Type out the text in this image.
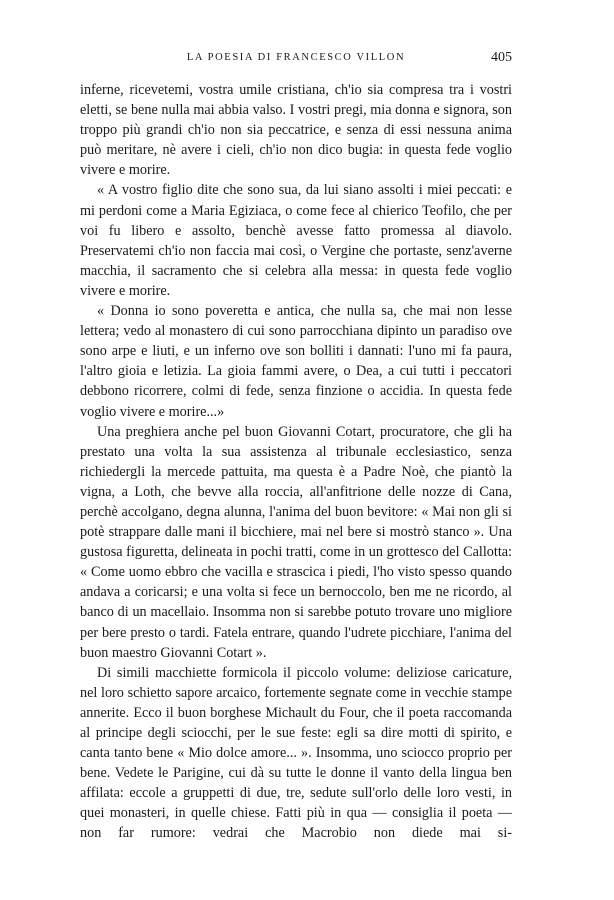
LA POESIA DI FRANCESCO VILLON	405

inferne, ricevetemi, vostra umile cristiana, ch'io sia compresa tra i vostri eletti, se bene nulla mai abbia valso. I vostri pregi, mia donna e signora, son troppo più grandi ch'io non sia peccatrice, e senza di essi nessuna anima può meritare, nè avere i cieli, ch'io non dico bugia: in questa fede voglio vivere e morire.

« A vostro figlio dite che sono sua, da lui siano assolti i miei peccati: e mi perdoni come a Maria Egiziaca, o come fece al chierico Teofilo, che per voi fu libero e assolto, benchè avesse fatto promessa al diavolo. Preservatemi ch'io non faccia mai così, o Vergine che portaste, senz'averne macchia, il sacramento che si celebra alla messa: in questa fede voglio vivere e morire.

« Donna io sono poveretta e antica, che nulla sa, che mai non lesse lettera; vedo al monastero di cui sono parrocchiana dipinto un paradiso ove sono arpe e liuti, e un inferno ove son bolliti i dannati: l'uno mi fa paura, l'altro gioia e letizia. La gioia fammi avere, o Dea, a cui tutti i peccatori debbono ricorrere, colmi di fede, senza finzione o accidia. In questa fede voglio vivere e morire...»

Una preghiera anche pel buon Giovanni Cotart, procuratore, che gli ha prestato una volta la sua assistenza al tribunale ecclesiastico, senza richiedergli la mercede pattuita, ma questa è a Padre Noè, che piantò la vigna, a Loth, che bevve alla roccia, all'anfitrione delle nozze di Cana, perchè accolgano, degna alunna, l'anima del buon bevitore: « Mai non gli si potè strappare dalle mani il bicchiere, mai nel bere si mostrò stanco ». Una gustosa figuretta, delineata in pochi tratti, come in un grottesco del Callotta: « Come uomo ebbro che vacilla e strascica i piedi, l'ho visto spesso quando andava a coricarsi; e una volta si fece un bernoccolo, ben me ne ricordo, al banco di un macellaio. Insomma non si sarebbe potuto trovare uno migliore per bere presto o tardi. Fatela entrare, quando l'udrete picchiare, l'anima del buon maestro Giovanni Cotart ».

Di simili macchiette formicola il piccolo volume: deliziose caricature, nel loro schietto sapore arcaico, fortemente segnate come in vecchie stampe annerite. Ecco il buon borghese Michault du Four, che il poeta raccomanda al principe degli sciocchi, per le sue feste: egli sa dire motti di spirito, e canta tanto bene « Mio dolce amore... ». Insomma, uno sciocco proprio per bene. Vedete le Parigine, cui dà su tutte le donne il vanto della lingua ben affilata: eccole a gruppetti di due, tre, sedute sull'orlo delle loro vesti, in quei monasteri, in quelle chiese. Fatti più in qua — consiglia il poeta — non far rumore: vedrai che Macrobio non diede mai si-
